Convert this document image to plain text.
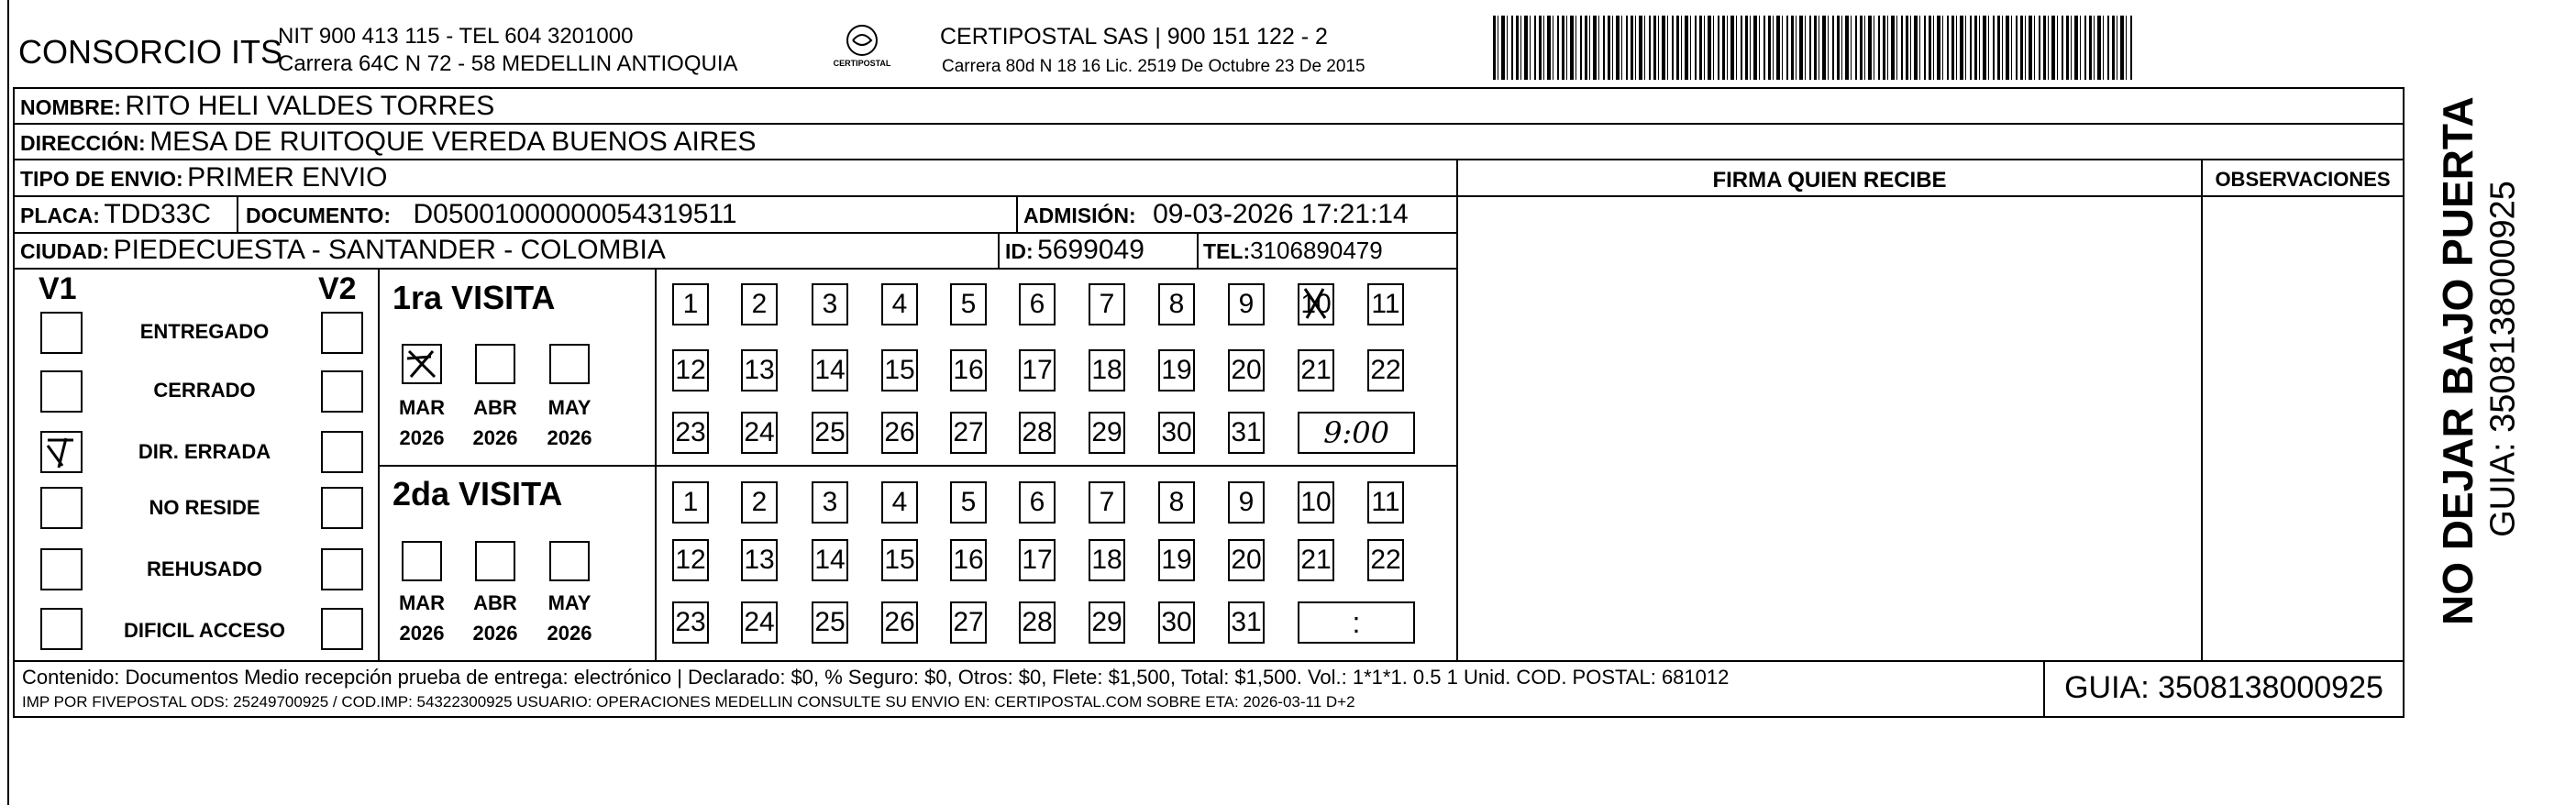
CONSORCIO ITS
NIT 900 413 115 - TEL 604 3201000
Carrera 64C N 72 - 58 MEDELLIN ANTIOQUIA	CERTIPOSTAL
CERTIPOSTAL SAS | 900 151 122 - 2
Carrera 80d N 18 16 Lic. 2519 De Octubre 23 De 2015
NOMBRE: RITO HELI VALDES TORRES
DIRECCIÓN: MESA DE RUITOQUE VEREDA BUENOS AIRES
TIPO DE ENVIO: PRIMER ENVIO
PLACA: TDD33C DOCUMENTO: D05001000000054319511	ADMISIÓN: 09-03-2026 17:21:14
CIUDAD: PIEDECUESTA - SANTANDER - COLOMBIA	ID: 5699049	TEL:3106890479
FIRMA QUIEN RECIBE	OBSERVACIONES
V1	V2
ENTREGADO
CERRADO
DIR. ERRADA
NO RESIDE
REHUSADO
DIFICIL ACCESO
1ra VISITA
MAR
2026
ABR
2026
MAY
2026
1	2	3	4	5	6	7	8	9	10 11
12 13 14 15 16 17 18 19 20 21 22
23 24 25 26 27 28 29 30 31	9:00
2da VISITA
MAR
2026
ABR
2026
MAY
2026
1	2	3	4	5	6	7	8	9	10 11
12 13 14 15 16 17 18 19 20 21 22
23 24 25 26 27 28 29 30 31	:
Contenido: Documentos Medio recepción prueba de entrega: electrónico | Declarado: $0, % Seguro: $0, Otros: $0, Flete: $1,500, Total: $1,500. Vol.: 1*1*1. 0.5 1 Unid. COD. POSTAL: 681012
IMP POR FIVEPOSTAL ODS: 25249700925 / COD.IMP: 54322300925 USUARIO: OPERACIONES MEDELLIN CONSULTE SU ENVIO EN: CERTIPOSTAL.COM SOBRE ETA: 2026-03-11 D+2	GUIA: 3508138000925
NO DEJAR BAJO PUERTA GUIA: 3508138000925
